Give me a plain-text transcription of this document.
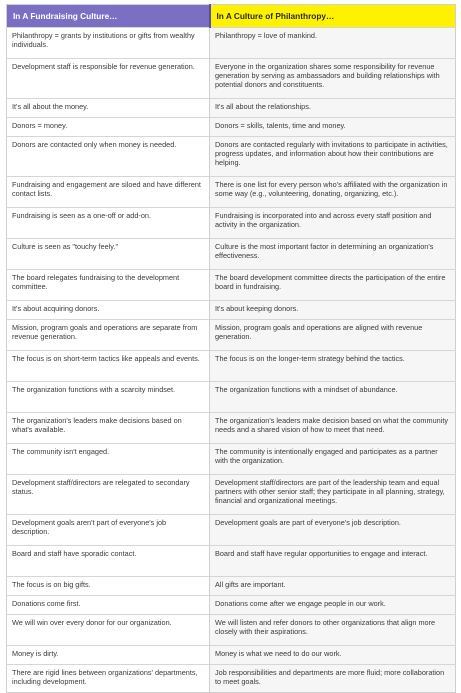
In A Fundraising Culture…	In A Culture of Philanthropy…
Philanthropy = grants by institutions or gifts from wealthy individuals.	Philanthropy = love of mankind.
Development staff is responsible for revenue generation.	Everyone in the organization shares some responsibility for revenue generation by serving as ambassadors and building relationships with potential donors and constituents.
It's all about the money.	It's all about the relationships.
Donors = money.	Donors = skills, talents, time and money.
Donors are contacted only when money is needed.	Donors are contacted regularly with invitations to participate in activities, progress updates, and information about how their contributions are helping.
Fundraising and engagement are siloed and have different contact lists.	There is one list for every person who's affiliated with the organization in some way (e.g., volunteering, donating, organizing, etc.).
Fundraising is seen as a one-off or add-on.	Fundraising is incorporated into and across every staff position and activity in the organization.
Culture is seen as "touchy feely."	Culture is the most important factor in determining an organization's effectiveness.
The board relegates fundraising to the development committee.	The board development committee directs the participation of the entire board in fundraising.
It's about acquiring donors.	It's about keeping donors.
Mission, program goals and operations are separate from revenue generation.	Mission, program goals and operations are aligned with revenue generation.
The focus is on short-term tactics like appeals and events.	The focus is on the longer-term strategy behind the tactics.
The organization functions with a scarcity mindset.	The organization functions with a mindset of abundance.
The organization's leaders make decisions based on what's available.	The organization's leaders make decision based on what the community needs and a shared vision of how to meet that need.
The community isn't engaged.	The community is intentionally engaged and participates as a partner with the organization.
Development staff/directors are relegated to secondary status.	Development staff/directors are part of the leadership team and equal partners with other senior staff; they participate in all planning, strategy, financial and organizational meetings.
Development goals aren't part of everyone's job description.	Development goals are part of everyone's job description.
Board and staff have sporadic contact.	Board and staff have regular opportunities to engage and interact.
The focus is on big gifts.	All gifts are important.
Donations come first.	Donations come after we engage people in our work.
We will win over every donor for our organization.	We will listen and refer donors to other organizations that align more closely with their aspirations.
Money is dirty.	Money is what we need to do our work.
There are rigid lines between organizations' departments, including development.	Job responsibilities and departments are more fluid; more collaboration to meet goals.
